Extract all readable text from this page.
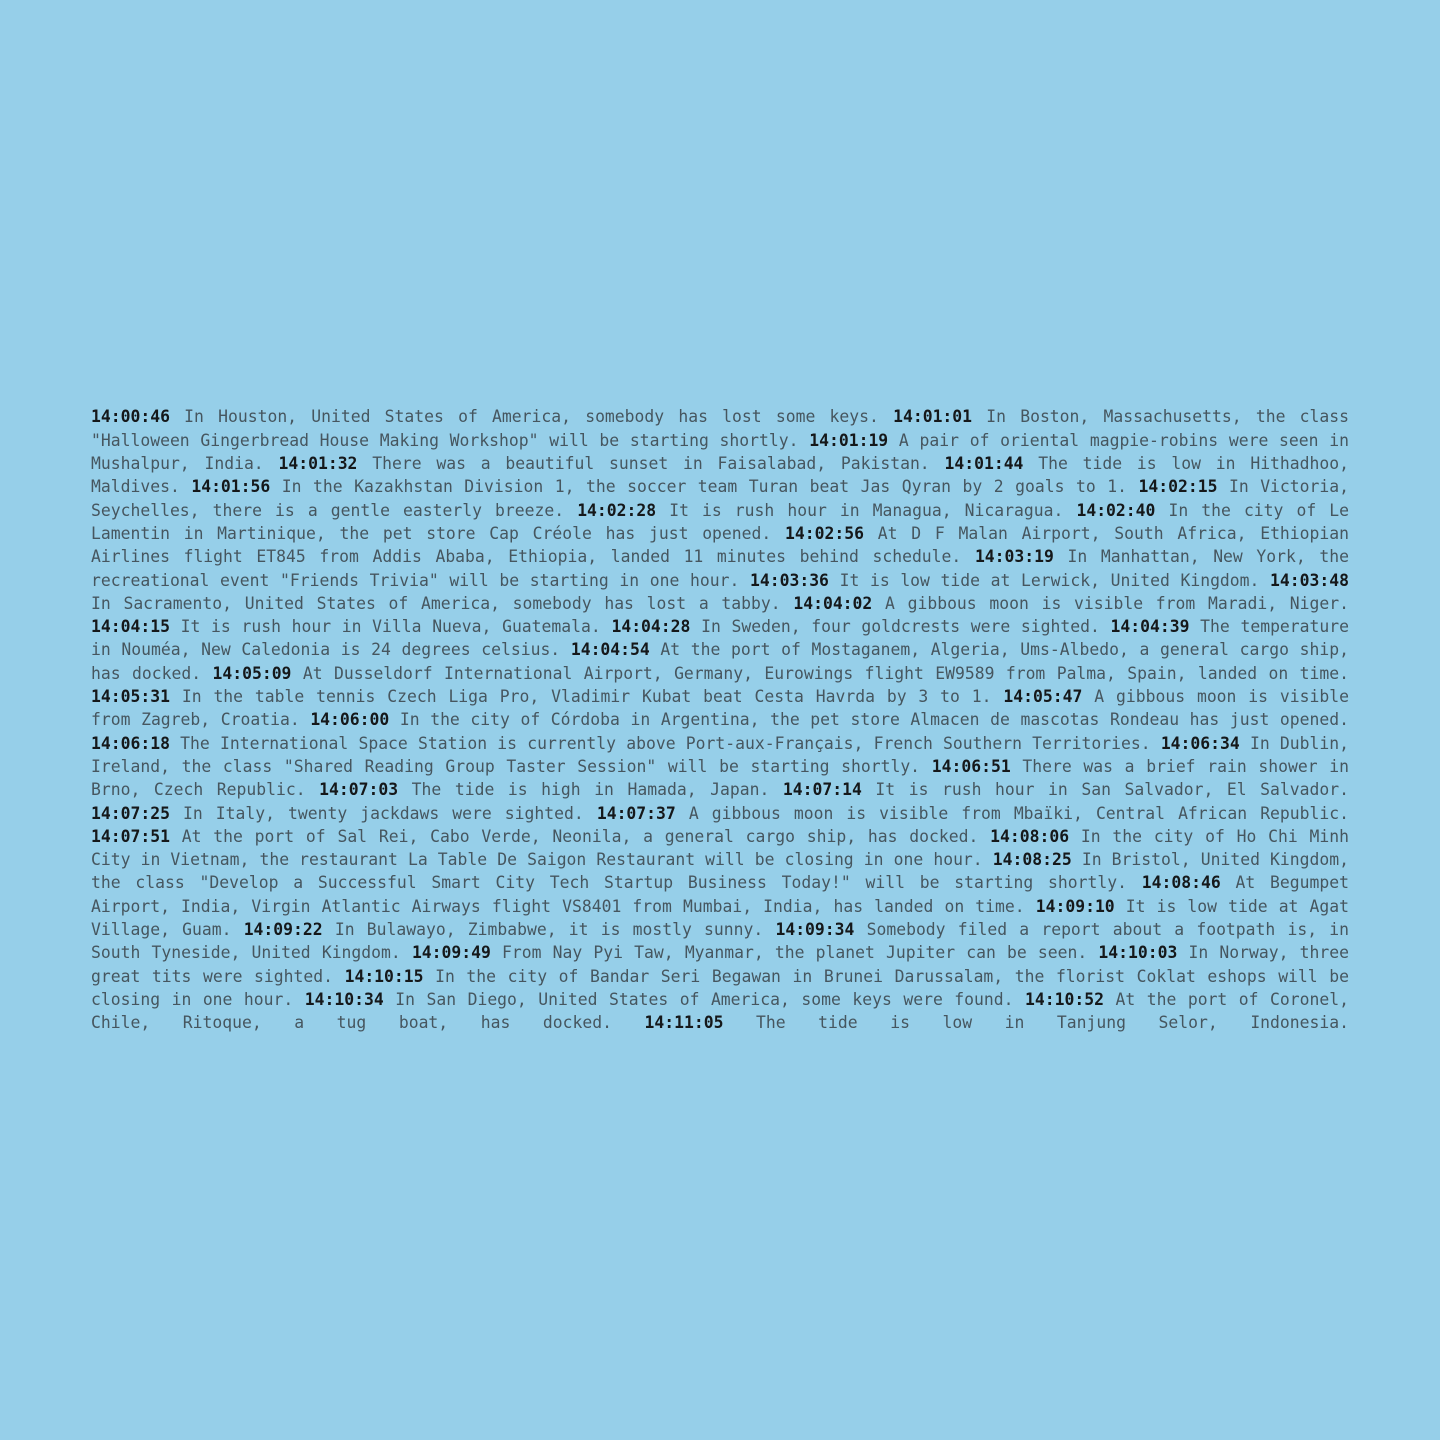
14:00:46 In Houston, United States of America, somebody has lost some keys. 14:01:01 In Boston, Massachusetts, the class "Halloween Gingerbread House Making Workshop" will be starting shortly. 14:01:19 A pair of oriental magpie-robins were seen in Mushalpur, India. 14:01:32 There was a beautiful sunset in Faisalabad, Pakistan. 14:01:44 The tide is low in Hithadhoo, Maldives. 14:01:56 In the Kazakhstan Division 1, the soccer team Turan beat Jas Qyran by 2 goals to 1. 14:02:15 In Victoria, Seychelles, there is a gentle easterly breeze. 14:02:28 It is rush hour in Managua, Nicaragua. 14:02:40 In the city of Le Lamentin in Martinique, the pet store Cap Créole has just opened. 14:02:56 At D F Malan Airport, South Africa, Ethiopian Airlines flight ET845 from Addis Ababa, Ethiopia, landed 11 minutes behind schedule. 14:03:19 In Manhattan, New York, the recreational event "Friends Trivia" will be starting in one hour. 14:03:36 It is low tide at Lerwick, United Kingdom. 14:03:48 In Sacramento, United States of America, somebody has lost a tabby. 14:04:02 A gibbous moon is visible from Maradi, Niger. 14:04:15 It is rush hour in Villa Nueva, Guatemala. 14:04:28 In Sweden, four goldcrests were sighted. 14:04:39 The temperature in Nouméa, New Caledonia is 24 degrees celsius. 14:04:54 At the port of Mostaganem, Algeria, Ums-Albedo, a general cargo ship, has docked. 14:05:09 At Dusseldorf International Airport, Germany, Eurowings flight EW9589 from Palma, Spain, landed on time. 14:05:31 In the table tennis Czech Liga Pro, Vladimir Kubat beat Cesta Havrda by 3 to 1. 14:05:47 A gibbous moon is visible from Zagreb, Croatia. 14:06:00 In the city of Córdoba in Argentina, the pet store Almacen de mascotas Rondeau has just opened. 14:06:18 The International Space Station is currently above Port-aux-Français, French Southern Territories. 14:06:34 In Dublin, Ireland, the class "Shared Reading Group Taster Session" will be starting shortly. 14:06:51 There was a brief rain shower in Brno, Czech Republic. 14:07:03 The tide is high in Hamada, Japan. 14:07:14 It is rush hour in San Salvador, El Salvador. 14:07:25 In Italy, twenty jackdaws were sighted. 14:07:37 A gibbous moon is visible from Mbaïki, Central African Republic. 14:07:51 At the port of Sal Rei, Cabo Verde, Neonila, a general cargo ship, has docked. 14:08:06 In the city of Ho Chi Minh City in Vietnam, the restaurant La Table De Saigon Restaurant will be closing in one hour. 14:08:25 In Bristol, United Kingdom, the class "Develop a Successful Smart City Tech Startup Business Today!" will be starting shortly. 14:08:46 At Begumpet Airport, India, Virgin Atlantic Airways flight VS8401 from Mumbai, India, has landed on time. 14:09:10 It is low tide at Agat Village, Guam. 14:09:22 In Bulawayo, Zimbabwe, it is mostly sunny. 14:09:34 Somebody filed a report about a footpath is, in South Tyneside, United Kingdom. 14:09:49 From Nay Pyi Taw, Myanmar, the planet Jupiter can be seen. 14:10:03 In Norway, three great tits were sighted. 14:10:15 In the city of Bandar Seri Begawan in Brunei Darussalam, the florist Coklat eshops will be closing in one hour. 14:10:34 In San Diego, United States of America, some keys were found. 14:10:52 At the port of Coronel, Chile, Ritoque, a tug boat, has docked. 14:11:05 The tide is low in Tanjung Selor, Indonesia.
